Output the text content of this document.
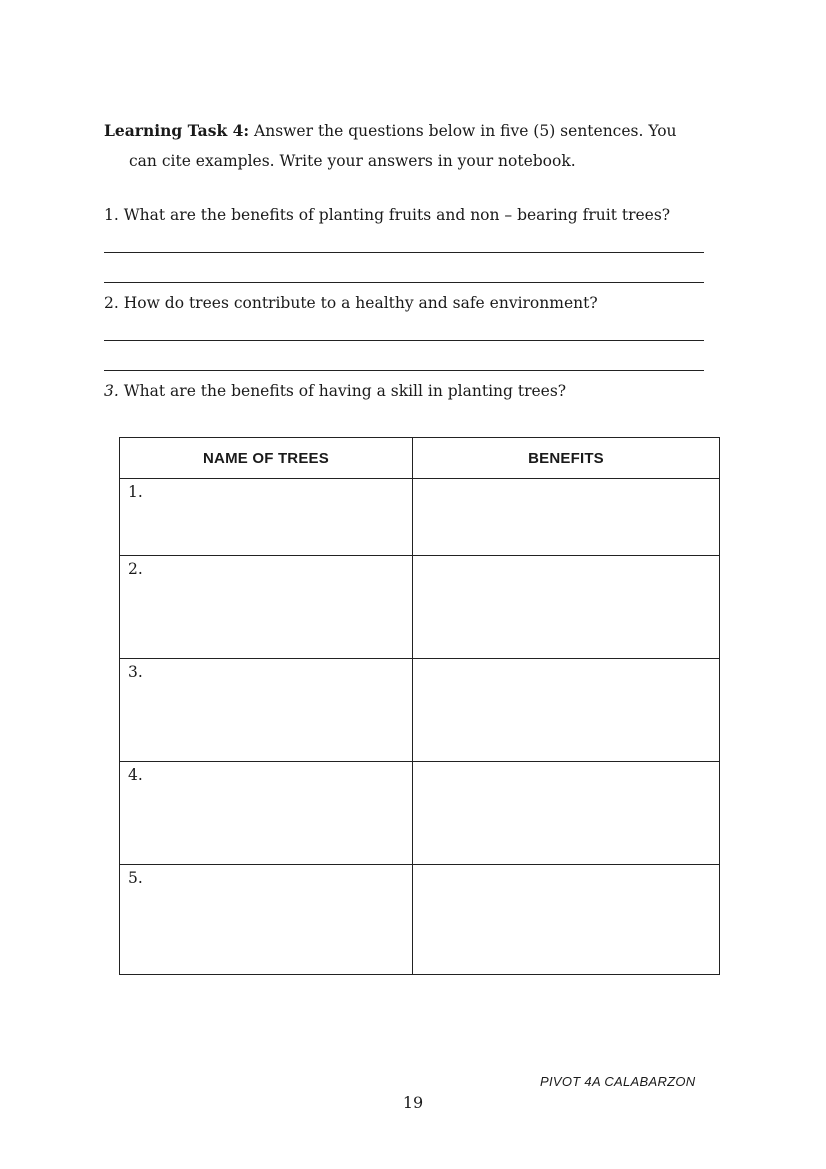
Learning Task 4: Answer the questions below in five (5) sentences. You
can cite examples. Write your answers in your notebook.
1. What are the benefits of planting fruits and non – bearing fruit trees?
2. How do trees contribute to a healthy and safe environment?
3. What are the benefits of having a skill in planting trees?
NAME OF TREES	BENEFITS
1.	
2.	
3.	
4.	
5.	
PIVOT 4A CALABARZON
19
